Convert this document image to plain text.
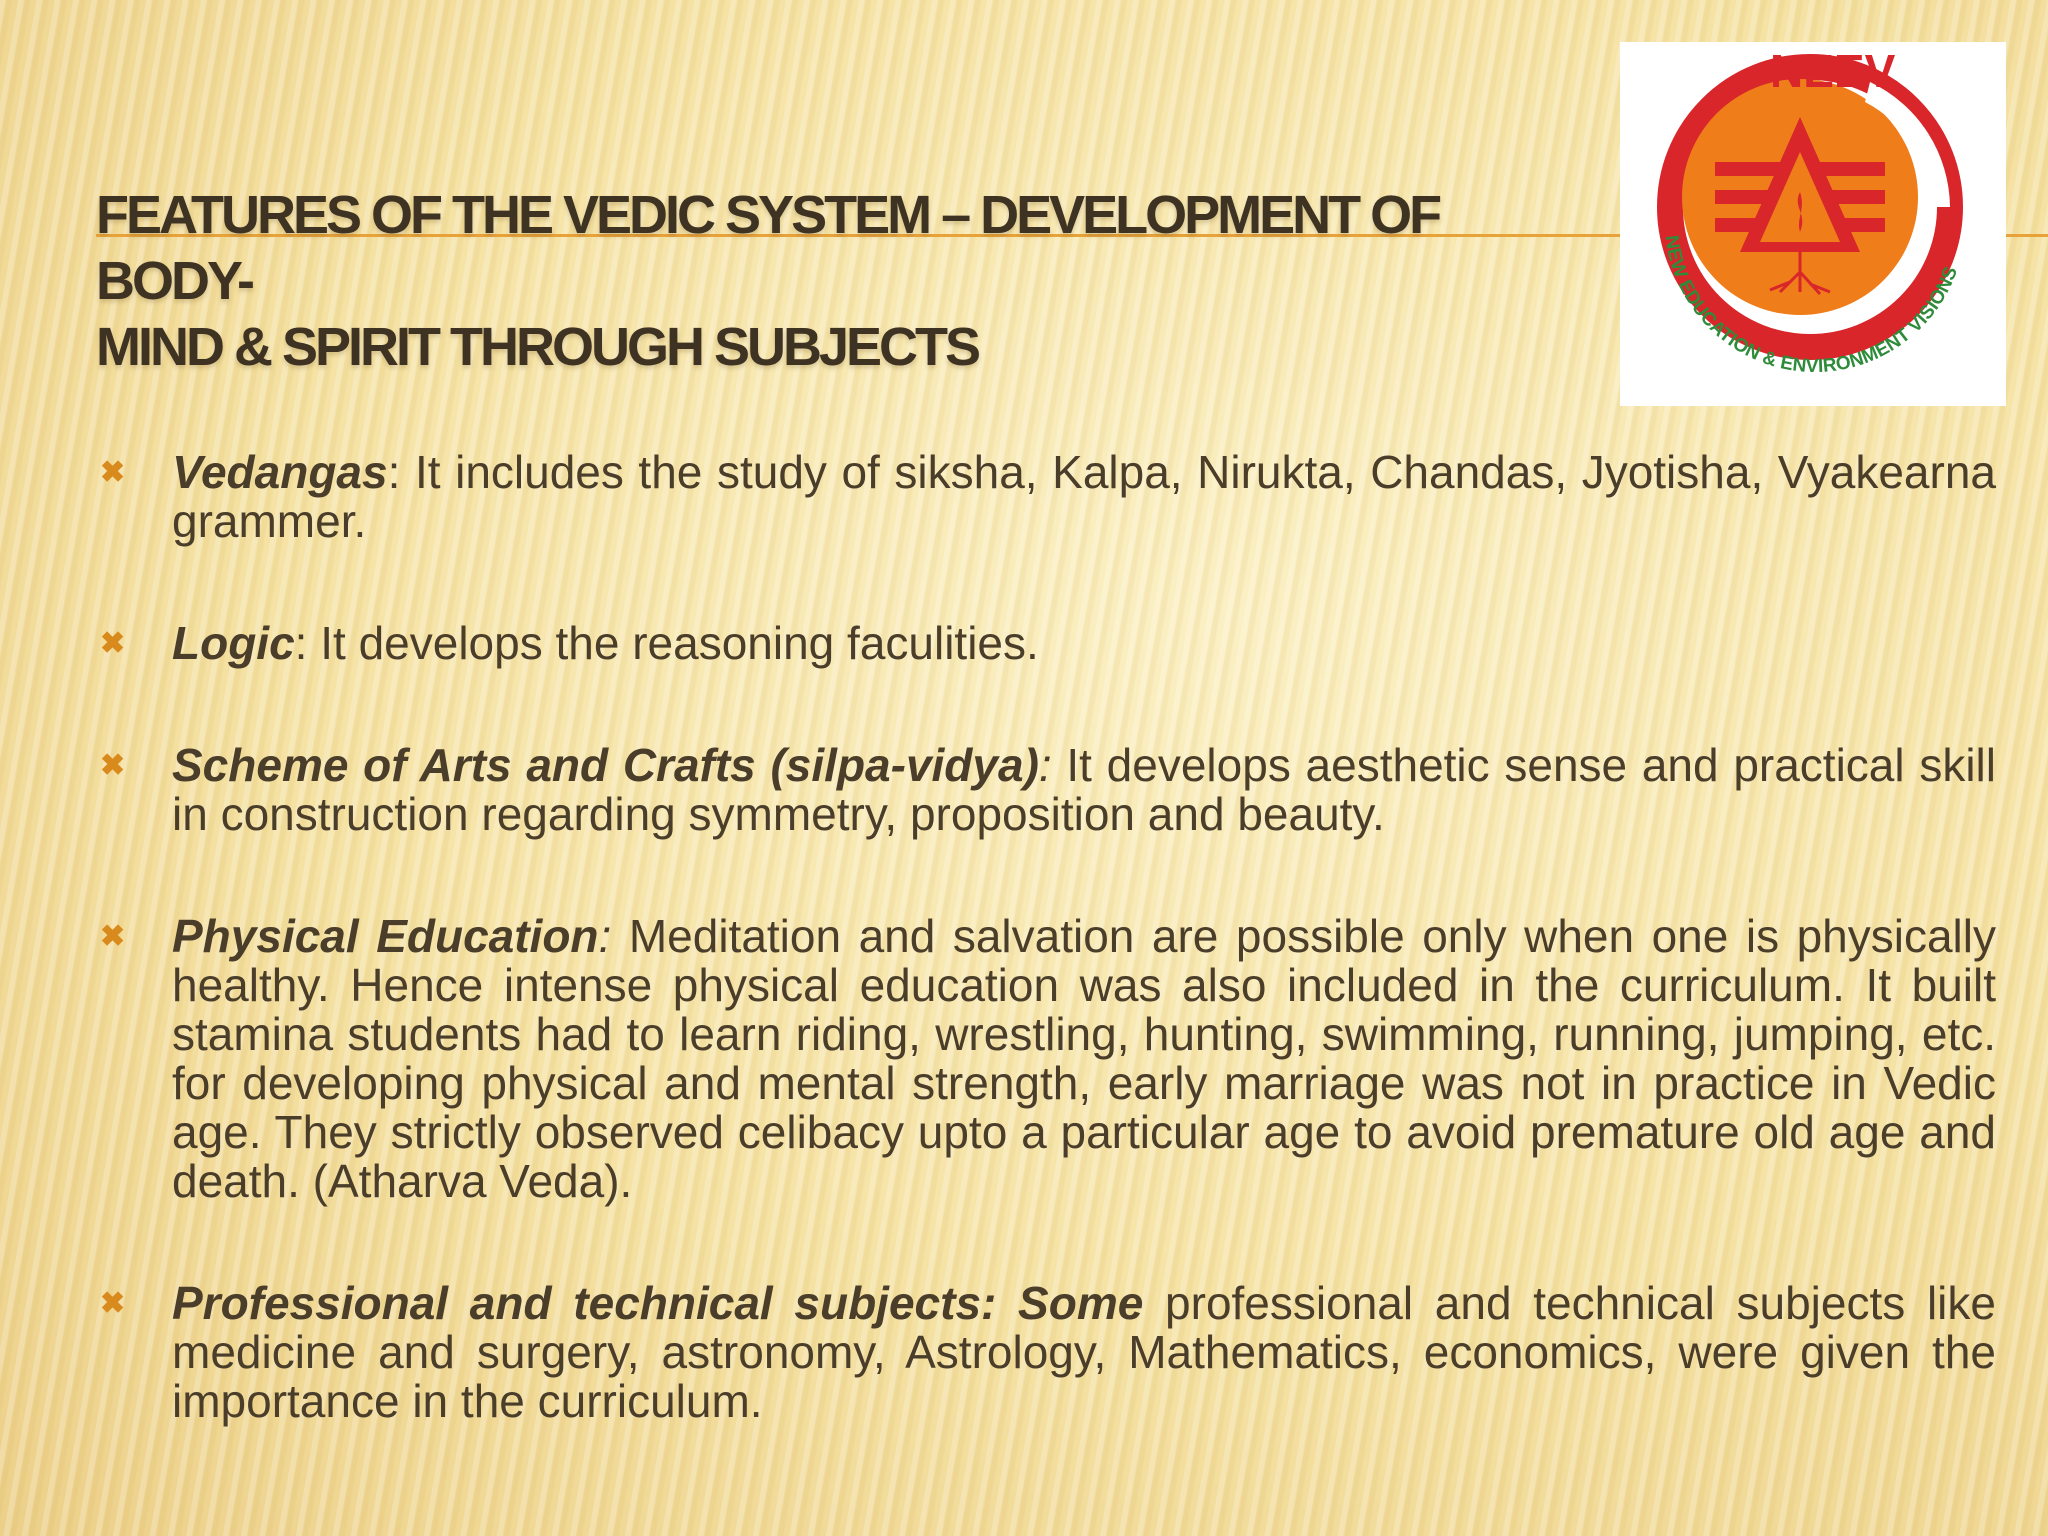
FEATURES OF THE VEDIC SYSTEM – DEVELOPMENT OF BODY-
MIND & SPIRIT THROUGH SUBJECTS
NEEV
NEW EDUCATION & ENVIRONMENT VISIONS
✖ Vedangas: It includes the study of siksha, Kalpa, Nirukta, Chandas, Jyotisha, Vyakearna grammer.
✖ Logic: It develops the reasoning faculities.
✖ Scheme of Arts and Crafts (silpa-vidya): It develops aesthetic sense and practical skill in construction regarding symmetry, proposition and beauty.
✖ Physical Education: Meditation and salvation are possible only when one is physically healthy. Hence intense physical education was also included in the curriculum. It built stamina students had to learn riding, wrestling, hunting, swimming, running, jumping, etc. for developing physical and mental strength, early marriage was not in practice in Vedic age. They strictly observed celibacy upto a particular age to avoid premature old age and death. (Atharva Veda).
✖ Professional and technical subjects: Some professional and technical subjects like medicine and surgery, astronomy, Astrology, Mathematics, economics, were given the importance in the curriculum.
